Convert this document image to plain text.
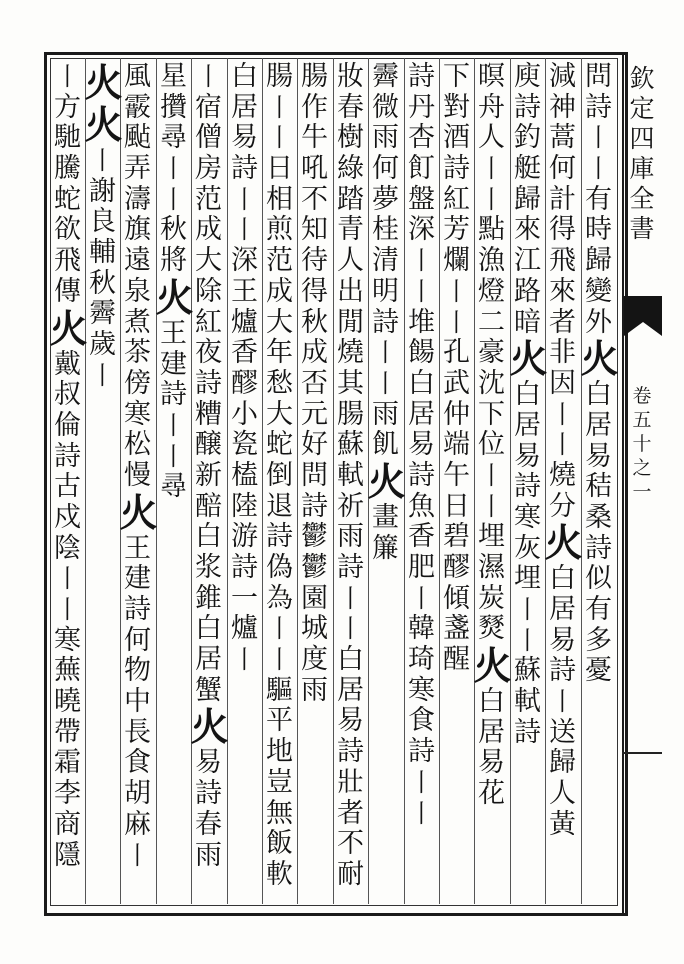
欽
定
四
庫
全
書
卷
五
十
之
一
問
詩
丨
丨
有
時
歸
變
外
火
白
居
易
秸
桑
詩
似
有
多
憂
減
神
蒿
何
計
得
飛
來
者
非
因
丨
丨
燒
分
火
白
居
易
詩
丨
送
歸
人
黃
庾
詩
釣
艇
歸
來
江
路
暗
火
白
居
易
詩
寒
灰
埋
丨
丨
蘇
軾
詩
暝
舟
人
丨
丨
點
漁
燈
二
豪
沈
下
位
丨
丨
埋
濕
炭
燹
火
白
居
易
花
下
對
酒
詩
紅
芳
爛
丨
丨
孔
武
仲
端
午
日
碧
醪
傾
盞
醒
詩
丹
杏
飣
盤
深
丨
丨
堆
餳
白
居
易
詩
魚
香
肥
丨
韓
琦
寒
食
詩
丨
丨
霽
微
雨
何
夢
桂
清
明
詩
丨
丨
雨
飢
火
畫
簾
妝
春
樹
綠
踏
青
人
出
閒
燒
其
腸
蘇
軾
祈
雨
詩
丨
丨
白
居
易
詩
壯
者
不
耐
腸
作
牛
吼
不
知
待
得
秋
成
否
元
好
問
詩
鬱
鬱
園
城
度
雨
腸
丨
丨
日
相
煎
范
成
大
年
愁
大
蛇
倒
退
詩
偽
為
丨
丨
驅
平
地
豈
無
飯
軟
白
居
易
詩
丨
丨
深
王
爐
香
醪
小
瓷
榼
陸
游
詩
一
爐
丨
丨
宿
僧
房
范
成
大
除
紅
夜
詩
糟
醸
新
醅
白
浆
錐
白
居
蟹
火
易
詩
春
雨
星
攢
尋
丨
丨
秋
將
火
王
建
詩
丨
丨
尋
風
霰
颭
弄
濤
旗
遠
泉
煮
茶
傍
寒
松
慢
火
王
建
詩
何
物
中
長
食
胡
麻
丨
火
火
丨
謝
良
輔
秋
霽
歲
丨
丨
方
馳
騰
蛇
欲
飛
傳
火
戴
叔
倫
詩
古
戍
陰
丨
丨
寒
蕪
曉
帶
霜
李
商
隱
